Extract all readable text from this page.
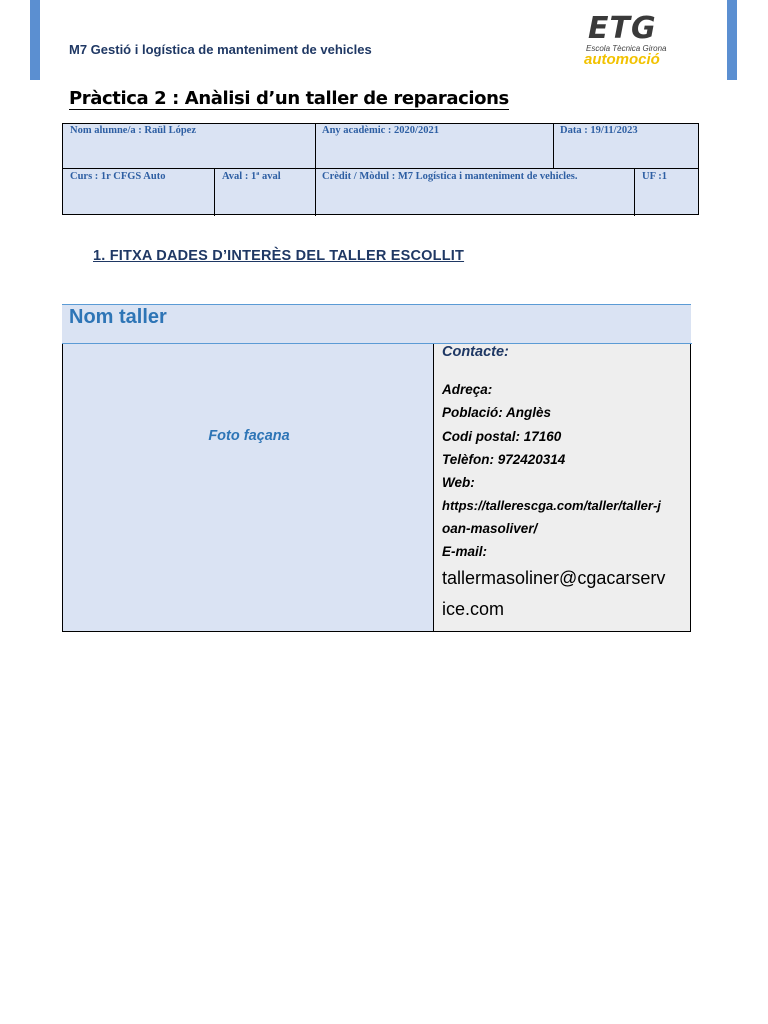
M7 Gestió i logística de manteniment de vehicles
ETG
Escola Tècnica Girona
automoció
Pràctica 2 : Anàlisi d’un taller de reparacions
Nom alumne/a : Raül López	Any acadèmic : 2020/2021	Data : 19/11/2023
Curs : 1r CFGS Auto	Aval : 1ª aval	Crèdit / Mòdul : M7 Logística i manteniment de vehicles.	UF :1
1. FITXA DADES D’INTERÈS DEL TALLER ESCOLLIT
Nom taller
Foto façana
Contacte:
Adreça:
Població: Anglès
Codi postal: 17160
Telèfon: 972420314
Web:
https://tallerescga.com/taller/taller-j
oan-masoliver/
E-mail:
tallermasoliner@cgacarserv
ice.com
